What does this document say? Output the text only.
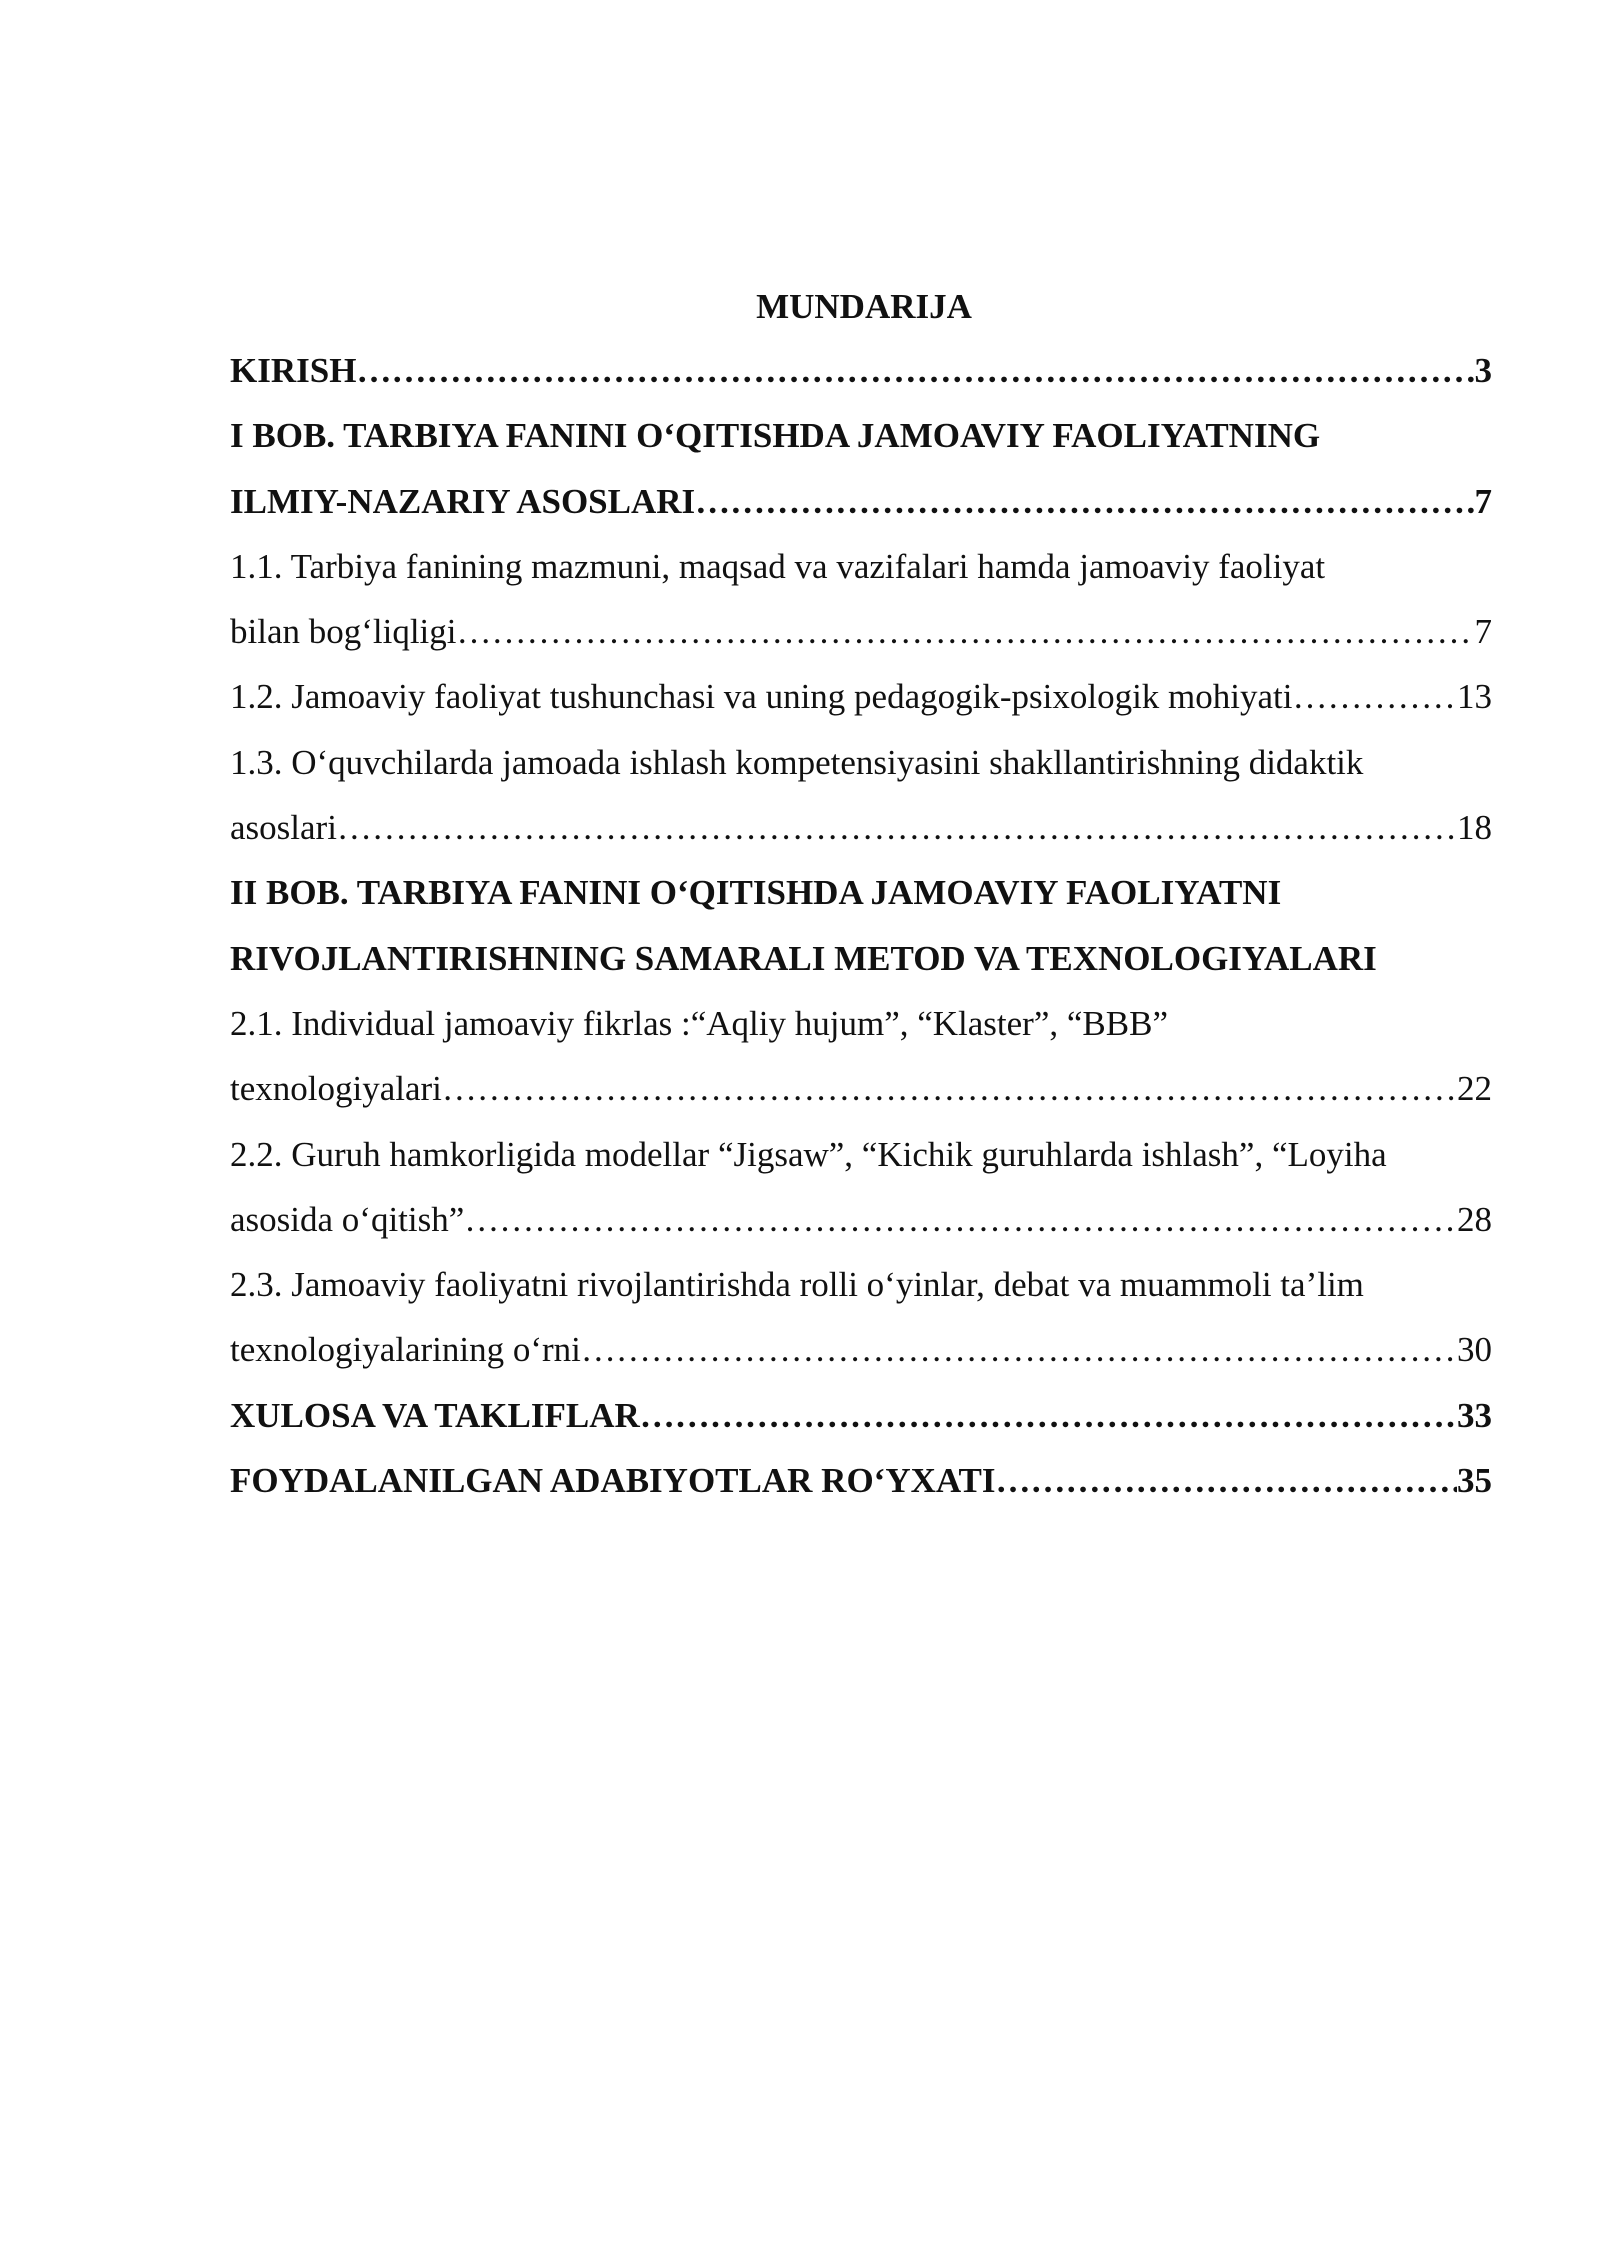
MUNDARIJA
KIRISH ………………………………………………………………………………………………………………………………………………………………………………………………	3
I BOB. TARBIYA FANINI O‘QITISHDA JAMOAVIY FAOLIYATNING
ILMIY-NAZARIY ASOSLARI ………………………………………………………………………………………………………………………………………………………………………………………………	7
1.1. Tarbiya fanining mazmuni, maqsad va vazifalari hamda jamoaviy faoliyat
bilan bog‘liqligi ………………………………………………………………………………………………………………………………………………………………………………………………	7
1.2. Jamoaviy faoliyat tushunchasi va uning pedagogik-psixologik mohiyati ………………………………………………………………………………………………………………………………………………………………………………………………	13
1.3. O‘quvchilarda jamoada ishlash kompetensiyasini shakllantirishning didaktik
asoslari ………………………………………………………………………………………………………………………………………………………………………………………………	18
II BOB. TARBIYA FANINI O‘QITISHDA JAMOAVIY FAOLIYATNI
RIVOJLANTIRISHNING SAMARALI METOD VA TEXNOLOGIYALARI
2.1. Individual jamoaviy fikrlas :“Aqliy hujum”, “Klaster”, “BBB”
texnologiyalari ………………………………………………………………………………………………………………………………………………………………………………………………	22
2.2. Guruh hamkorligida modellar “Jigsaw”, “Kichik guruhlarda ishlash”, “Loyiha
asosida o‘qitish” ………………………………………………………………………………………………………………………………………………………………………………………………	28
2.3. Jamoaviy faoliyatni rivojlantirishda rolli o‘yinlar, debat va muammoli ta’lim
texnologiyalarining o‘rni ………………………………………………………………………………………………………………………………………………………………………………………………	30
XULOSA VA TAKLIFLAR ………………………………………………………………………………………………………………………………………………………………………………………………	33
FOYDALANILGAN ADABIYOTLAR RO‘YXATI ………………………………………………………………………………………………………………………………………………………………………………………………	35
